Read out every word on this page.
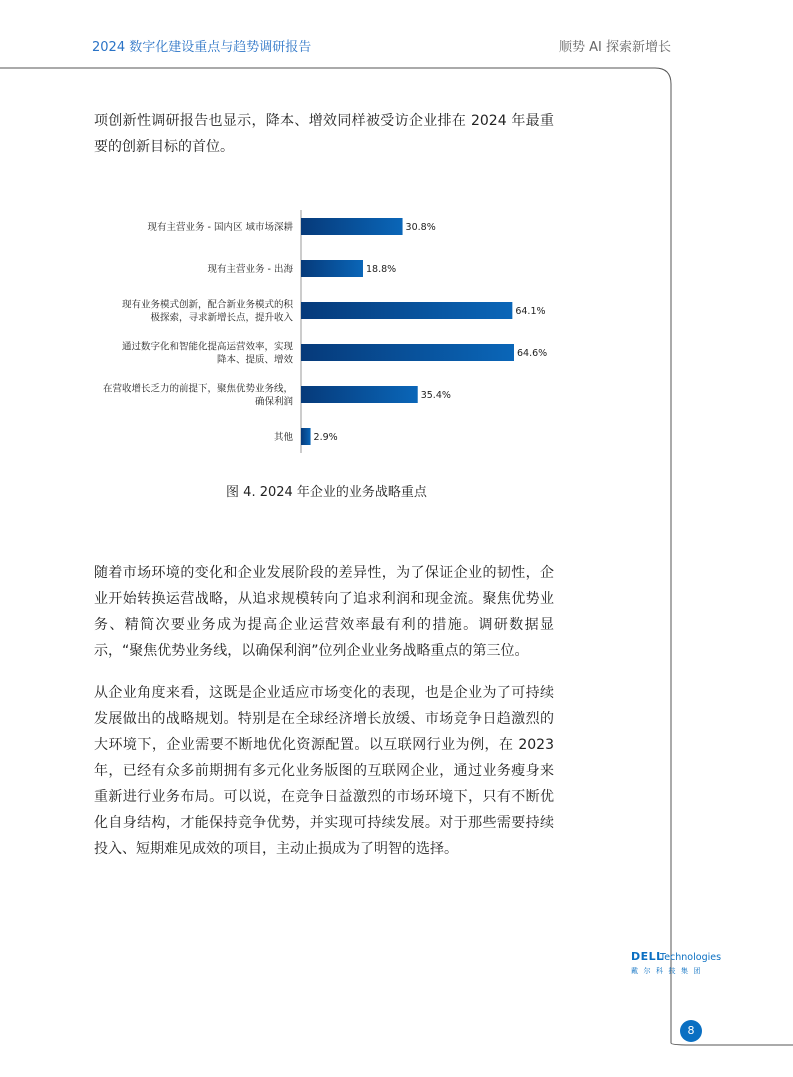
2024 数字化建设重点与趋势调研报告	顺势 AI 探索新增长

项创新性调研报告也显示，降本、增效同样被受访企业排在 2024 年最重要的创新目标的首位。

30.8%
现有主营业务 - 国内区 域市场深耕
18.8%
现有主营业务 - 出海
64.1%
现有业务模式创新，配合新业务模式的积
极探索，寻求新增长点，提升收入
64.6%
通过数字化和智能化提高运营效率，实现
降本、提质、增效
35.4%
在营收增长乏力的前提下，聚焦优势业务线，
确保利润
2.9%
其他
图 4. 2024 年企业的业务战略重点

随着市场环境的变化和企业发展阶段的差异性，为了保证企业的韧性，企业开始转换运营战略，从追求规模转向了追求利润和现金流。聚焦优势业务、精简次要业务成为提高企业运营效率最有利的措施。调研数据显示，“聚焦优势业务线，以确保利润”位列企业业务战略重点的第三位。

从企业角度来看，这既是企业适应市场变化的表现，也是企业为了可持续发展做出的战略规划。特别是在全球经济增长放缓、市场竞争日趋激烈的大环境下，企业需要不断地优化资源配置。以互联网行业为例，在 2023 年，已经有众多前期拥有多元化业务版图的互联网企业，通过业务瘦身来重新进行业务布局。可以说，在竞争日益激烈的市场环境下，只有不断优化自身结构，才能保持竞争优势，并实现可持续发展。对于那些需要持续投入、短期难见成效的项目，主动止损成为了明智的选择。

DELL
Technologies
戴尔科技集团
8
